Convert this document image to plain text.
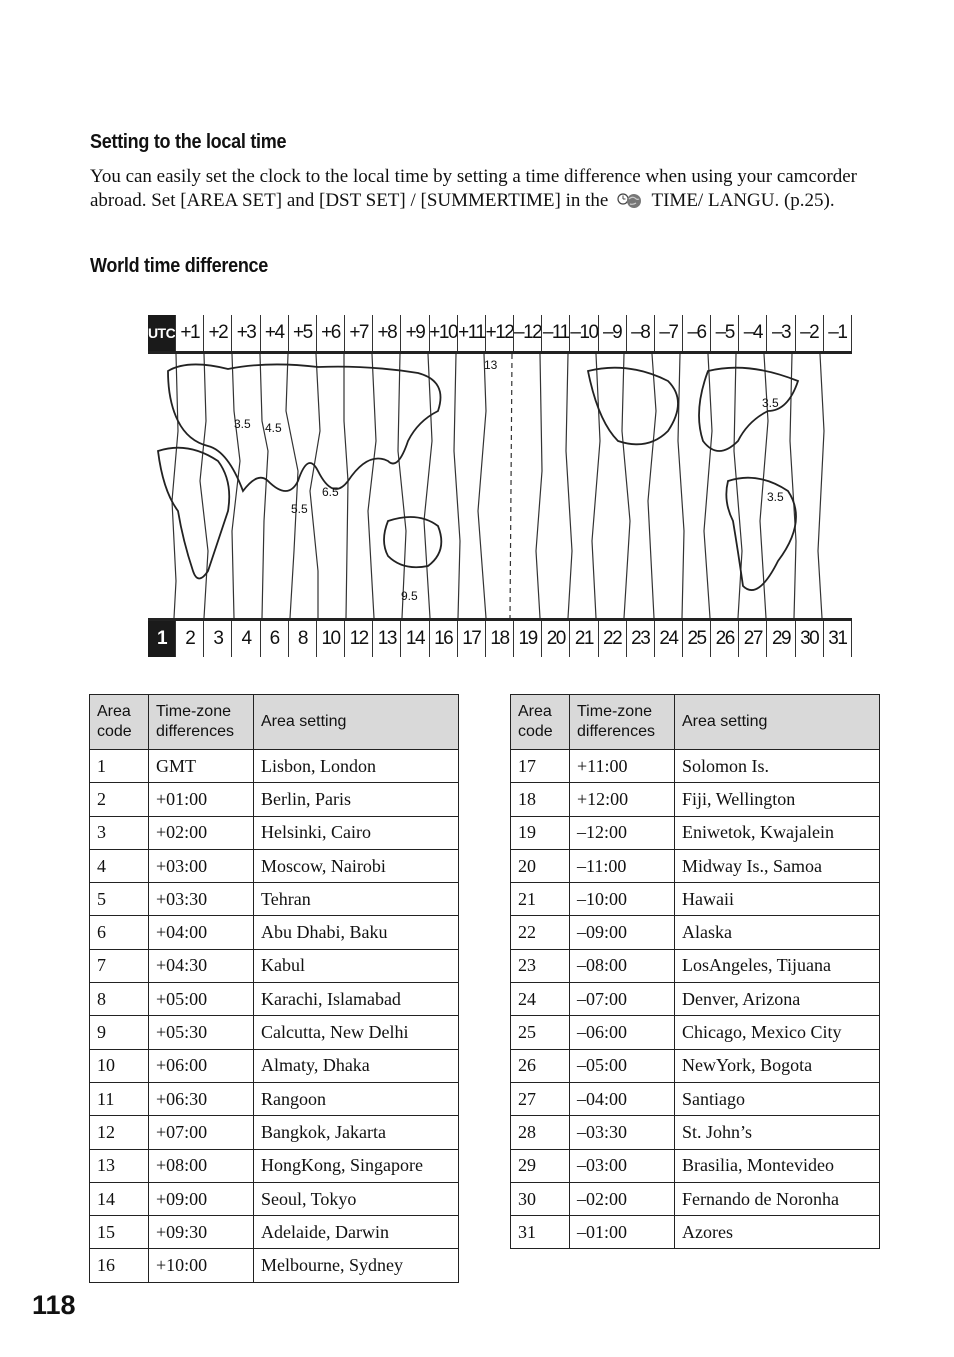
Setting to the local time
You can easily set the clock to the local time by setting a time difference when using your camcorder abroad. Set [AREA SET] and [DST SET] / [SUMMERTIME] in the TIME/ LANGU. (p.25).
World time difference
UTC +1 +2 +3 +4 +5 +6 +7 +8 +9 +10 +11 +12 –12 –11 –10 –9 –8 –7 –6 –5 –4 –3 –2 –1
13
3.5 4.5
6.5
5.5
9.5
3.5
3.5
1	2	3	4	6	8 10 12 13 14 16 17 18 19 20 21 22 23 24 25 26 27 29 30 31
Area code	Time-zone differences	Area setting
1	GMT	Lisbon, London
2	+01:00	Berlin, Paris
3	+02:00	Helsinki, Cairo
4	+03:00	Moscow, Nairobi
5	+03:30	Tehran
6	+04:00	Abu Dhabi, Baku
7	+04:30	Kabul
8	+05:00	Karachi, Islamabad
9	+05:30	Calcutta, New Delhi
10	+06:00	Almaty, Dhaka
11	+06:30	Rangoon
12	+07:00	Bangkok, Jakarta
13	+08:00	HongKong, Singapore
14	+09:00	Seoul, Tokyo
15	+09:30	Adelaide, Darwin
16	+10:00	Melbourne, Sydney
Area code	Time-zone differences	Area setting
17	+11:00	Solomon Is.
18	+12:00	Fiji, Wellington
19	–12:00	Eniwetok, Kwajalein
20	–11:00	Midway Is., Samoa
21	–10:00	Hawaii
22	–09:00	Alaska
23	–08:00	LosAngeles, Tijuana
24	–07:00	Denver, Arizona
25	–06:00	Chicago, Mexico City
26	–05:00	NewYork, Bogota
27	–04:00	Santiago
28	–03:30	St. John’s
29	–03:00	Brasilia, Montevideo
30	–02:00	Fernando de Noronha
31	–01:00	Azores
118
